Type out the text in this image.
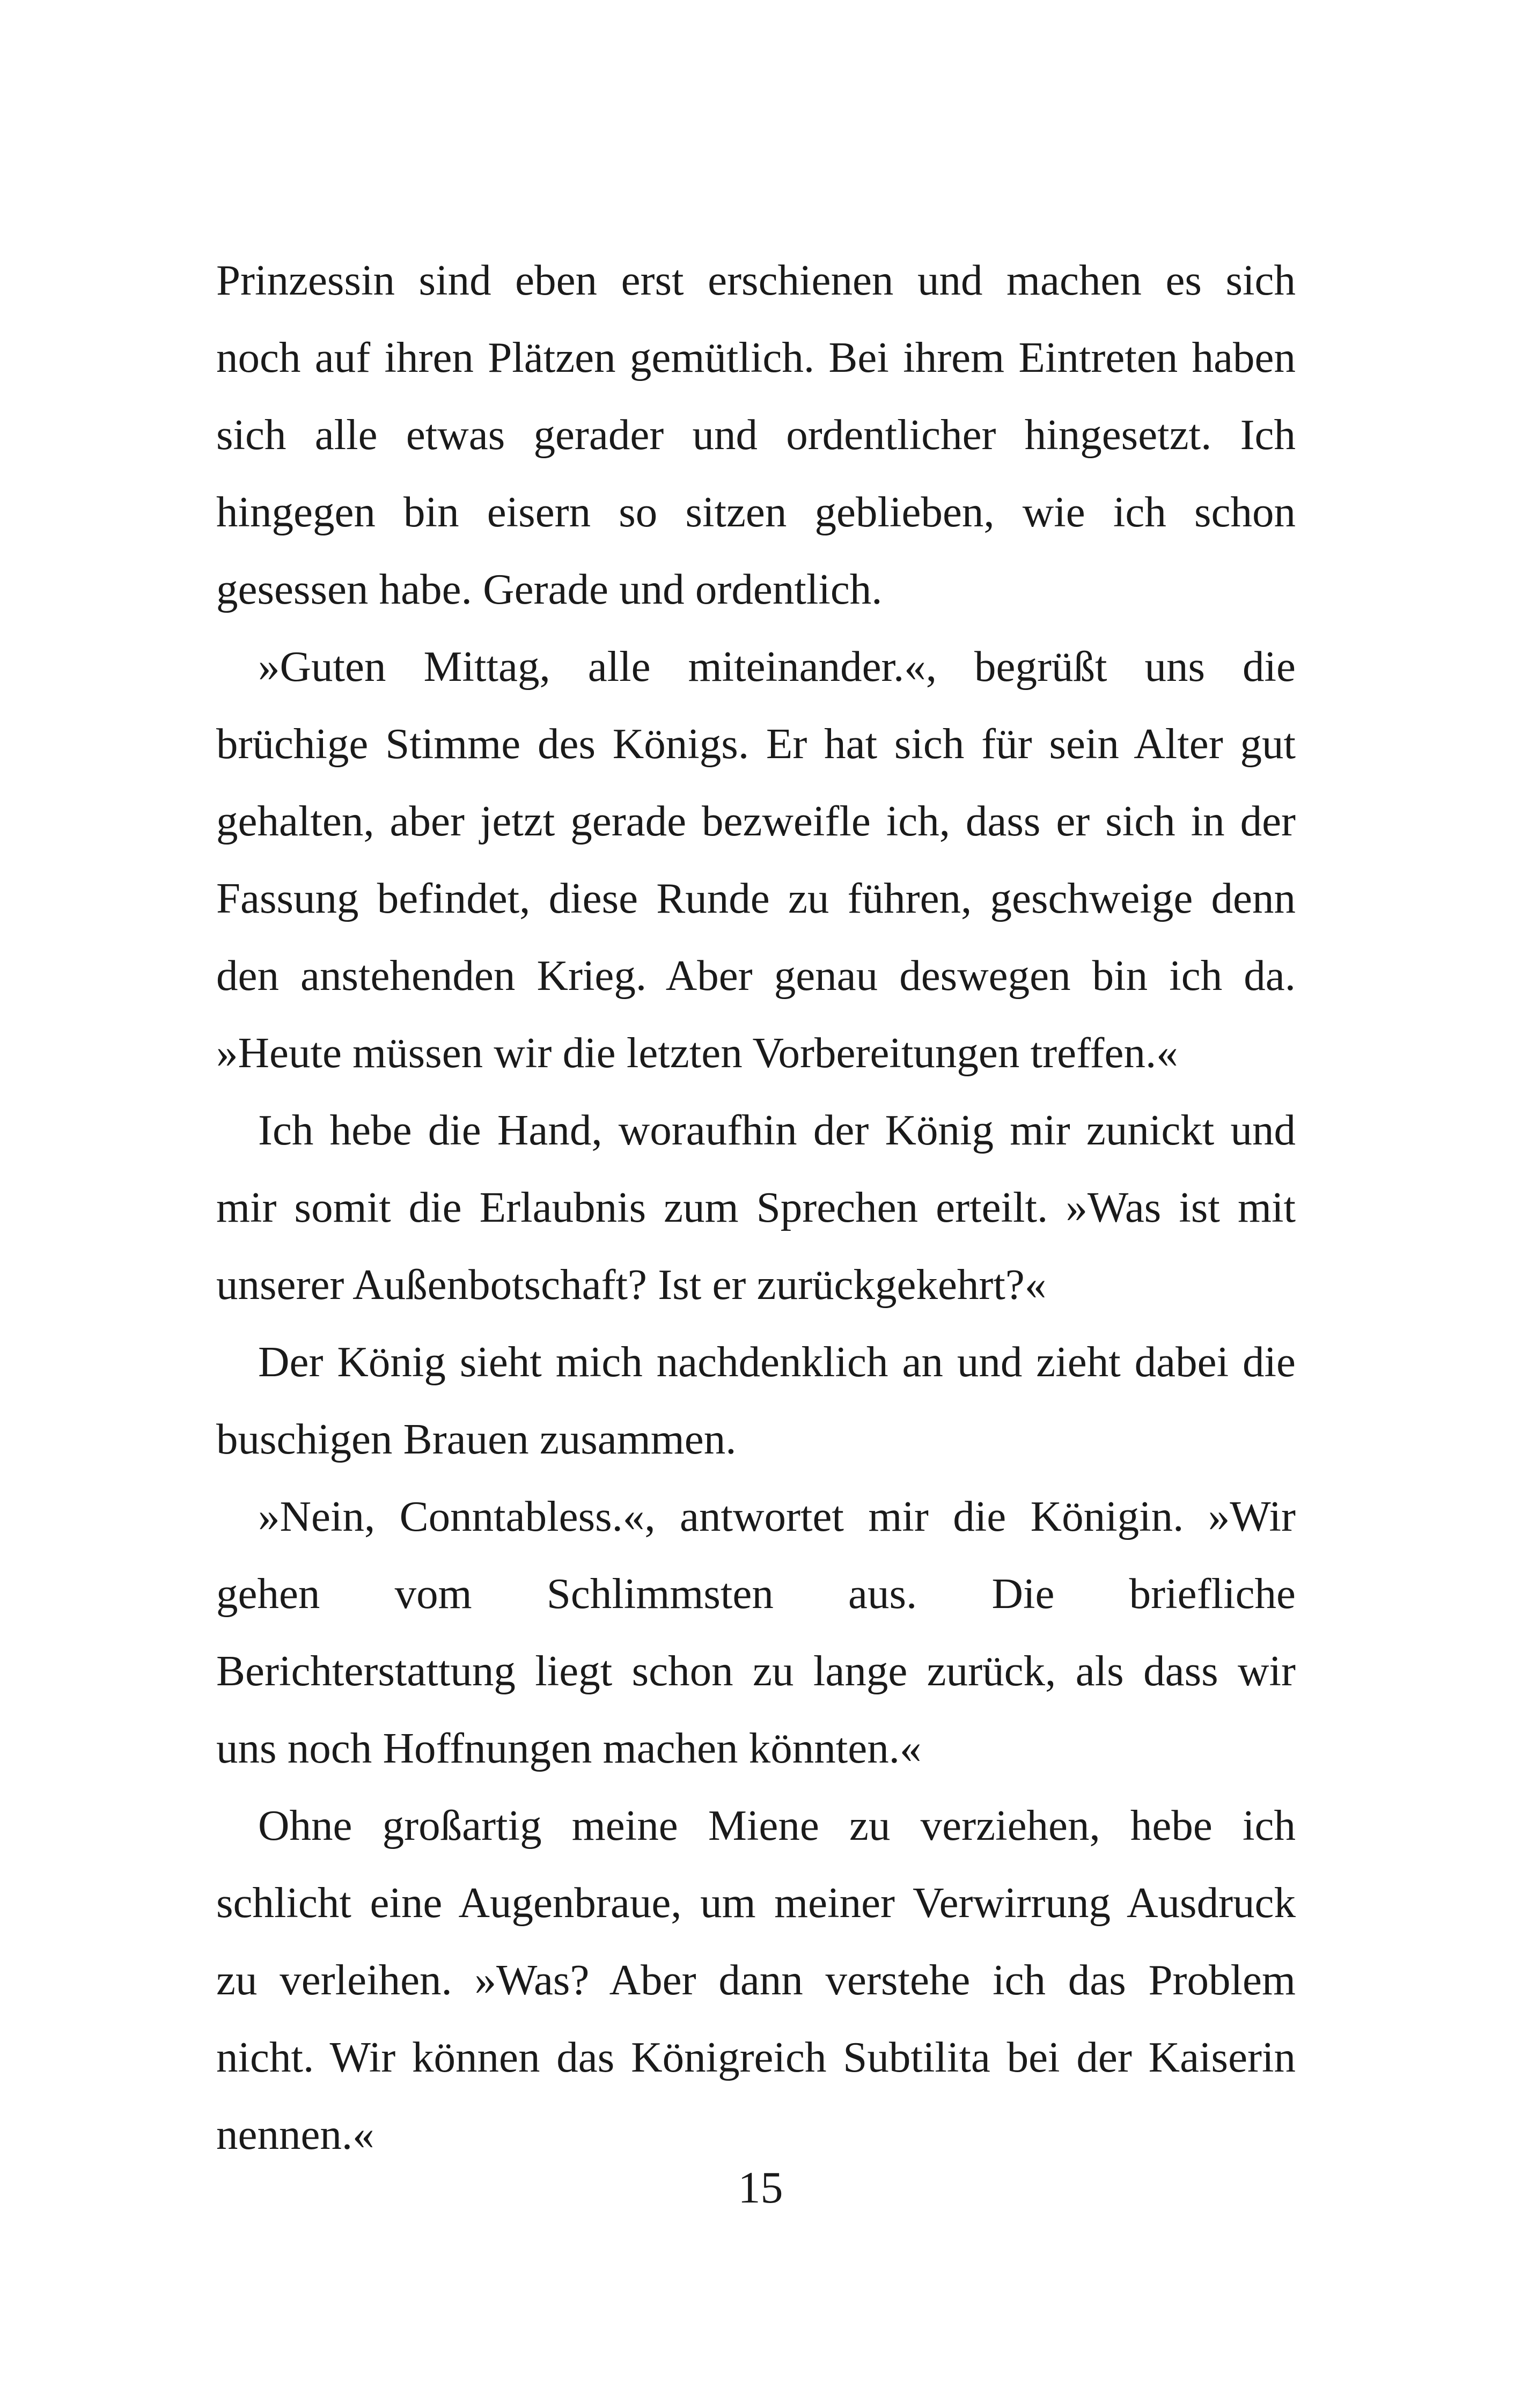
Prinzessin sind eben erst erschienen und machen es sich
noch auf ihren Plätzen gemütlich. Bei ihrem Eintreten haben
sich alle etwas gerader und ordentlicher hingesetzt. Ich
hingegen bin eisern so sitzen geblieben, wie ich schon
gesessen habe. Gerade und ordentlich.
»Guten Mittag, alle miteinander.«, begrüßt uns die
brüchige Stimme des Königs. Er hat sich für sein Alter gut
gehalten, aber jetzt gerade bezweifle ich, dass er sich in der
Fassung befindet, diese Runde zu führen, geschweige denn
den anstehenden Krieg. Aber genau deswegen bin ich da.
»Heute müssen wir die letzten Vorbereitungen treffen.«
Ich hebe die Hand, woraufhin der König mir zunickt und
mir somit die Erlaubnis zum Sprechen erteilt. »Was ist mit
unserer Außenbotschaft? Ist er zurückgekehrt?«
Der König sieht mich nachdenklich an und zieht dabei die
buschigen Brauen zusammen.
»Nein, Conntabless.«, antwortet mir die Königin. »Wir
gehen vom Schlimmsten aus. Die briefliche
Berichterstattung liegt schon zu lange zurück, als dass wir
uns noch Hoffnungen machen könnten.«
Ohne großartig meine Miene zu verziehen, hebe ich
schlicht eine Augenbraue, um meiner Verwirrung Ausdruck
zu verleihen. »Was? Aber dann verstehe ich das Problem
nicht. Wir können das Königreich Subtilita bei der Kaiserin
nennen.«
15
